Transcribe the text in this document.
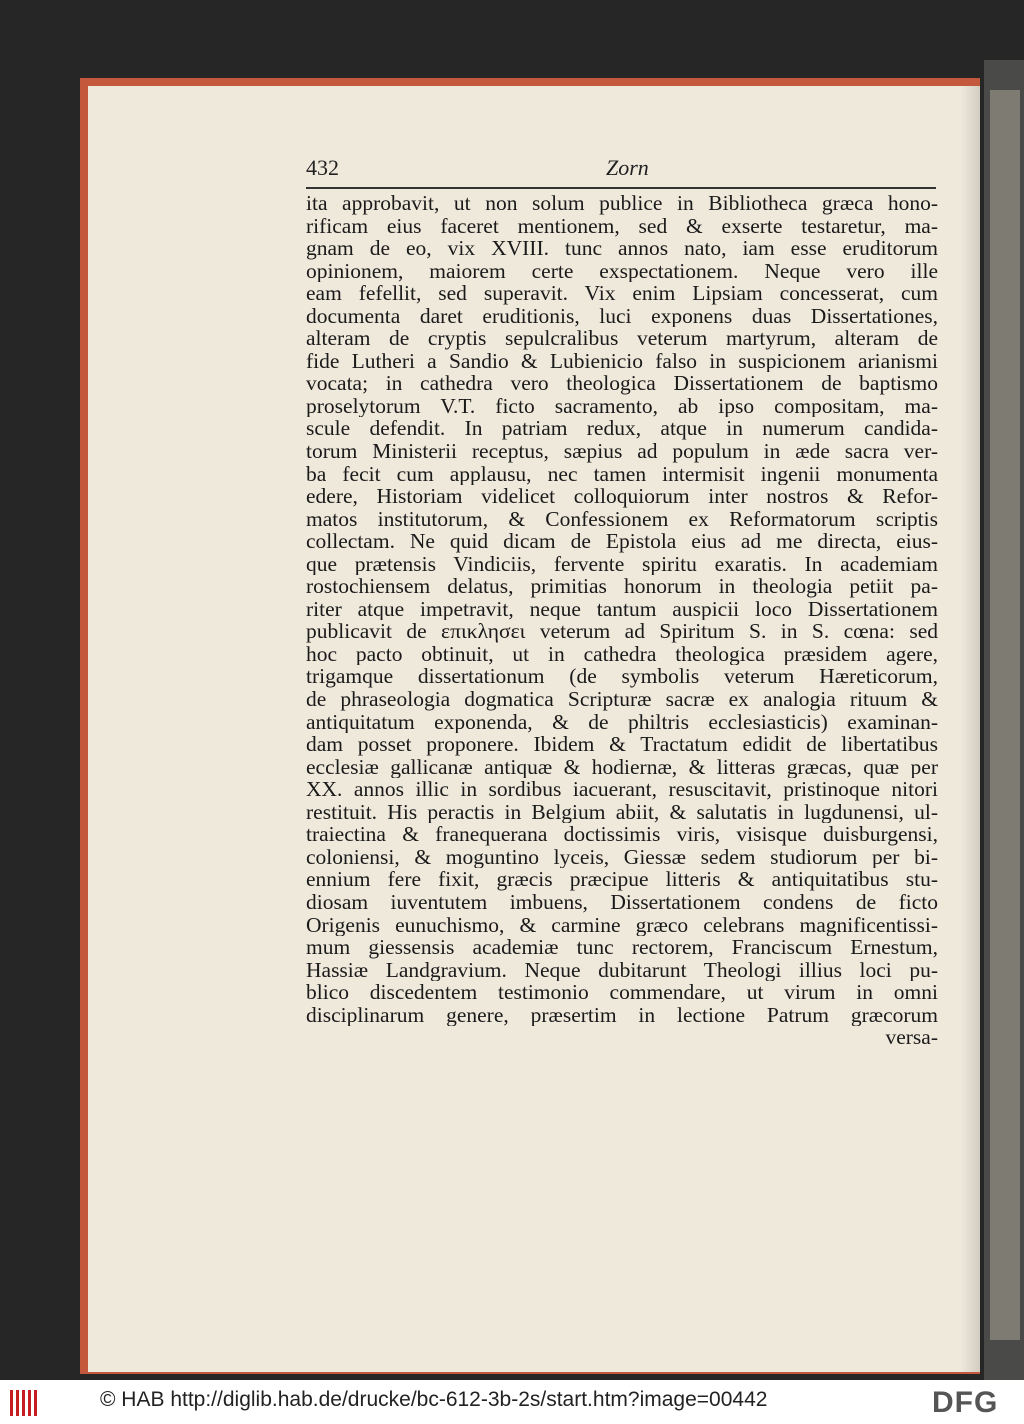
432	Zorn
ita approbavit, ut non solum publice in Bibliotheca græca hono-
rificam eius faceret mentionem, sed & exserte testaretur, ma-
gnam de eo, vix XVIII. tunc annos nato, iam esse eruditorum
opinionem, maiorem certe exspectationem. Neque vero ille
eam fefellit, sed superavit. Vix enim Lipsiam concesserat, cum
documenta daret eruditionis, luci exponens duas Dissertationes,
alteram de cryptis sepulcralibus veterum martyrum, alteram de
fide Lutheri a Sandio & Lubienicio falso in suspicionem arianismi
vocata; in cathedra vero theologica Dissertationem de baptismo
proselytorum V.T. ficto sacramento, ab ipso compositam, ma-
scule defendit. In patriam redux, atque in numerum candida-
torum Ministerii receptus, sæpius ad populum in æde sacra ver-
ba fecit cum applausu, nec tamen intermisit ingenii monumenta
edere, Historiam videlicet colloquiorum inter nostros & Refor-
matos institutorum, & Confessionem ex Reformatorum scriptis
collectam. Ne quid dicam de Epistola eius ad me directa, eius-
que prætensis Vindiciis, fervente spiritu exaratis. In academiam
rostochiensem delatus, primitias honorum in theologia petiit pa-
riter atque impetravit, neque tantum auspicii loco Dissertationem
publicavit de επικλησει veterum ad Spiritum S. in S. cœna: sed
hoc pacto obtinuit, ut in cathedra theologica præsidem agere,
trigamque dissertationum (de symbolis veterum Hæreticorum,
de phraseologia dogmatica Scripturæ sacræ ex analogia rituum &
antiquitatum exponenda, & de philtris ecclesiasticis) examinan-
dam posset proponere. Ibidem & Tractatum edidit de libertatibus
ecclesiæ gallicanæ antiquæ & hodiernæ, & litteras græcas, quæ per
XX. annos illic in sordibus iacuerant, resuscitavit, pristinoque nitori
restituit. His peractis in Belgium abiit, & salutatis in lugdunensi, ul-
traiectina & franequerana doctissimis viris, visisque duisburgensi,
coloniensi, & moguntino lyceis, Giessæ sedem studiorum per bi-
ennium fere fixit, græcis præcipue litteris & antiquitatibus stu-
diosam iuventutem imbuens, Dissertationem condens de ficto
Origenis eunuchismo, & carmine græco celebrans magnificentissi-
mum giessensis academiæ tunc rectorem, Franciscum Ernestum,
Hassiæ Landgravium. Neque dubitarunt Theologi illius loci pu-
blico discedentem testimonio commendare, ut virum in omni
disciplinarum genere, præsertim in lectione Patrum græcorum
versa-
© HAB http://diglib.hab.de/drucke/bc-612-3b-2s/start.htm?image=00442	DFG
